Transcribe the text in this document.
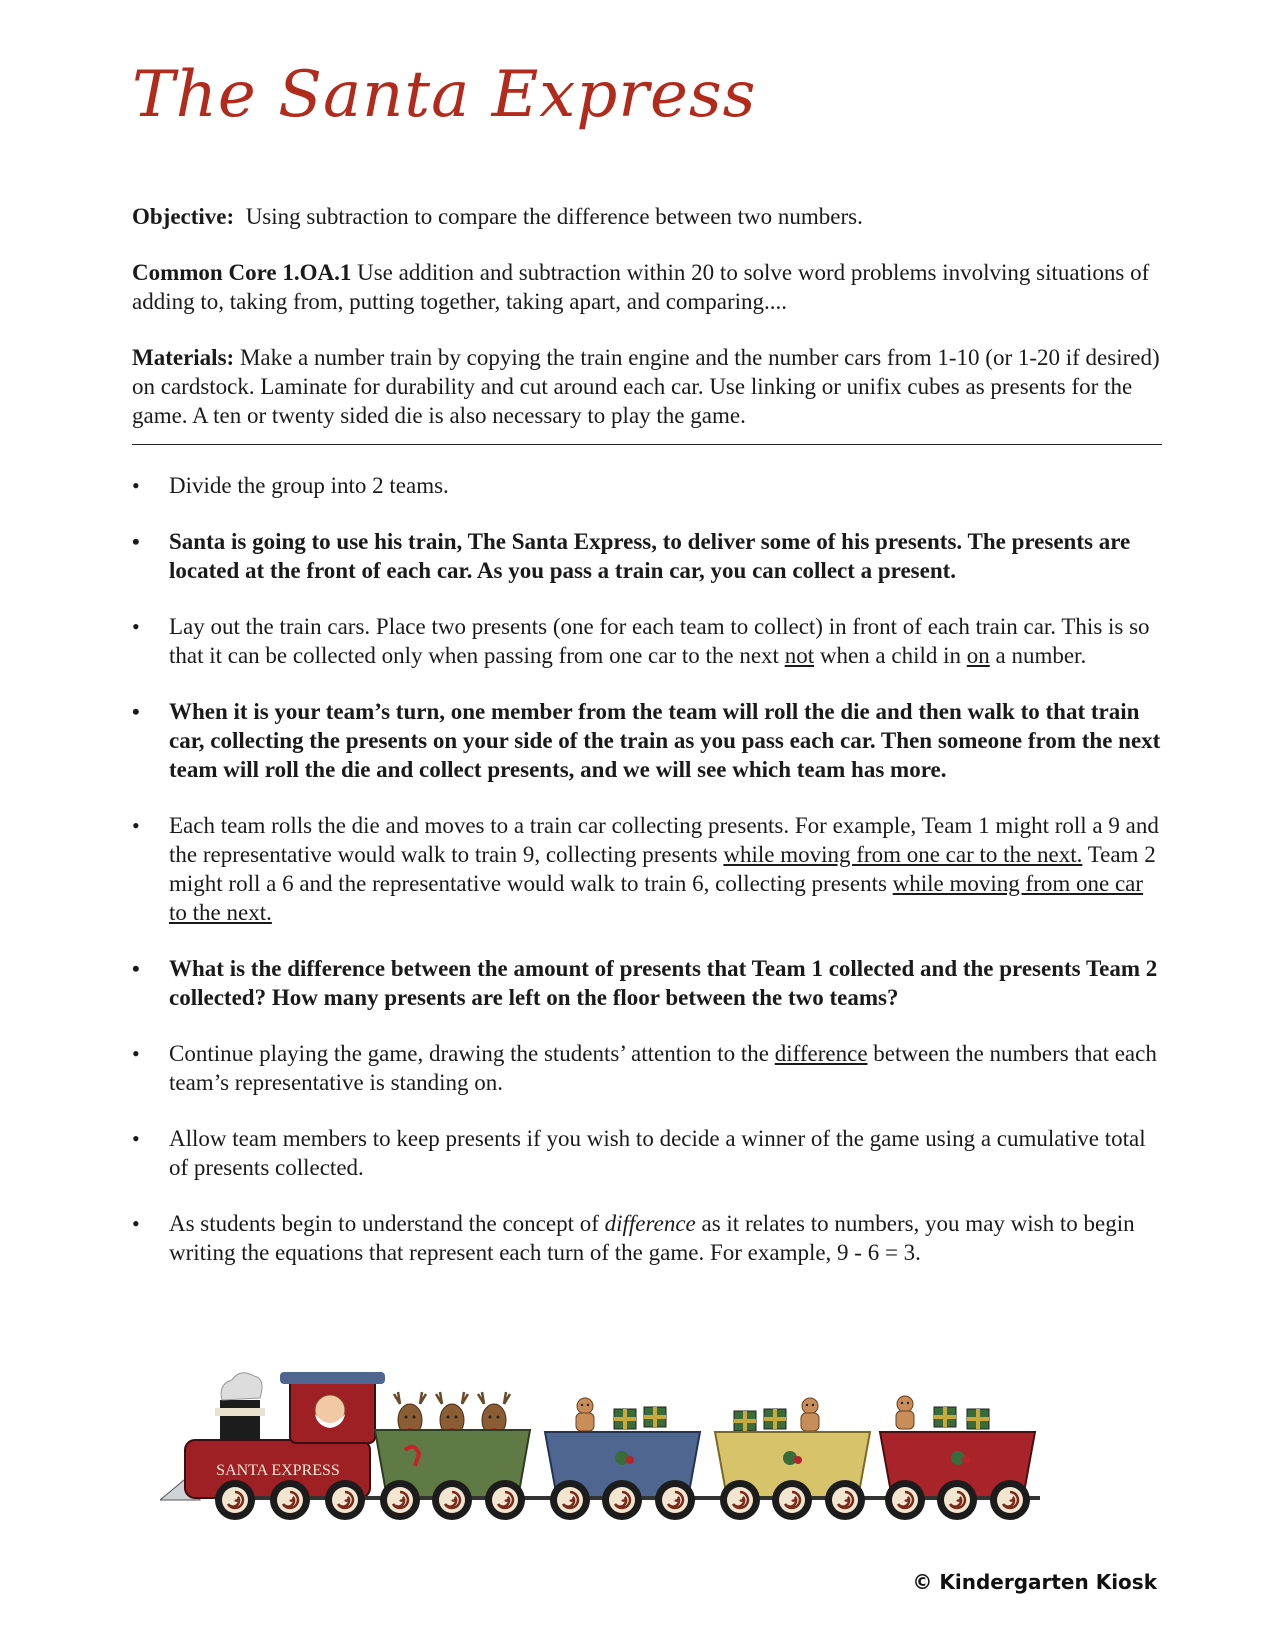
The Santa Express

Objective: Using subtraction to compare the difference between two numbers.

Common Core 1.OA.1 Use addition and subtraction within 20 to solve word problems involving situations of adding to, taking from, putting together, taking apart, and comparing....

Materials: Make a number train by copying the train engine and the number cars from 1-10 (or 1-20 if desired) on cardstock. Laminate for durability and cut around each car. Use linking or unifix cubes as presents for the game. A ten or twenty sided die is also necessary to play the game.

• Divide the group into 2 teams.
• Santa is going to use his train, The Santa Express, to deliver some of his presents. The presents are located at the front of each car. As you pass a train car, you can collect a present.
• Lay out the train cars. Place two presents (one for each team to collect) in front of each train car. This is so that it can be collected only when passing from one car to the next not when a child in on a number.
• When it is your team’s turn, one member from the team will roll the die and then walk to that train car, collecting the presents on your side of the train as you pass each car. Then someone from the next team will roll the die and collect presents, and we will see which team has more.
• Each team rolls the die and moves to a train car collecting presents. For example, Team 1 might roll a 9 and the representative would walk to train 9, collecting presents while moving from one car to the next. Team 2 might roll a 6 and the representative would walk to train 6, collecting presents while moving from one car to the next.
• What is the difference between the amount of presents that Team 1 collected and the presents Team 2 collected? How many presents are left on the floor between the two teams?
• Continue playing the game, drawing the students’ attention to the difference between the numbers that each team’s representative is standing on.
• Allow team members to keep presents if you wish to decide a winner of the game using a cumulative total of presents collected.
• As students begin to understand the concept of difference as it relates to numbers, you may wish to begin writing the equations that represent each turn of the game. For example, 9 - 6 = 3.
SANTA EXPRESS

© Kindergarten Kiosk
